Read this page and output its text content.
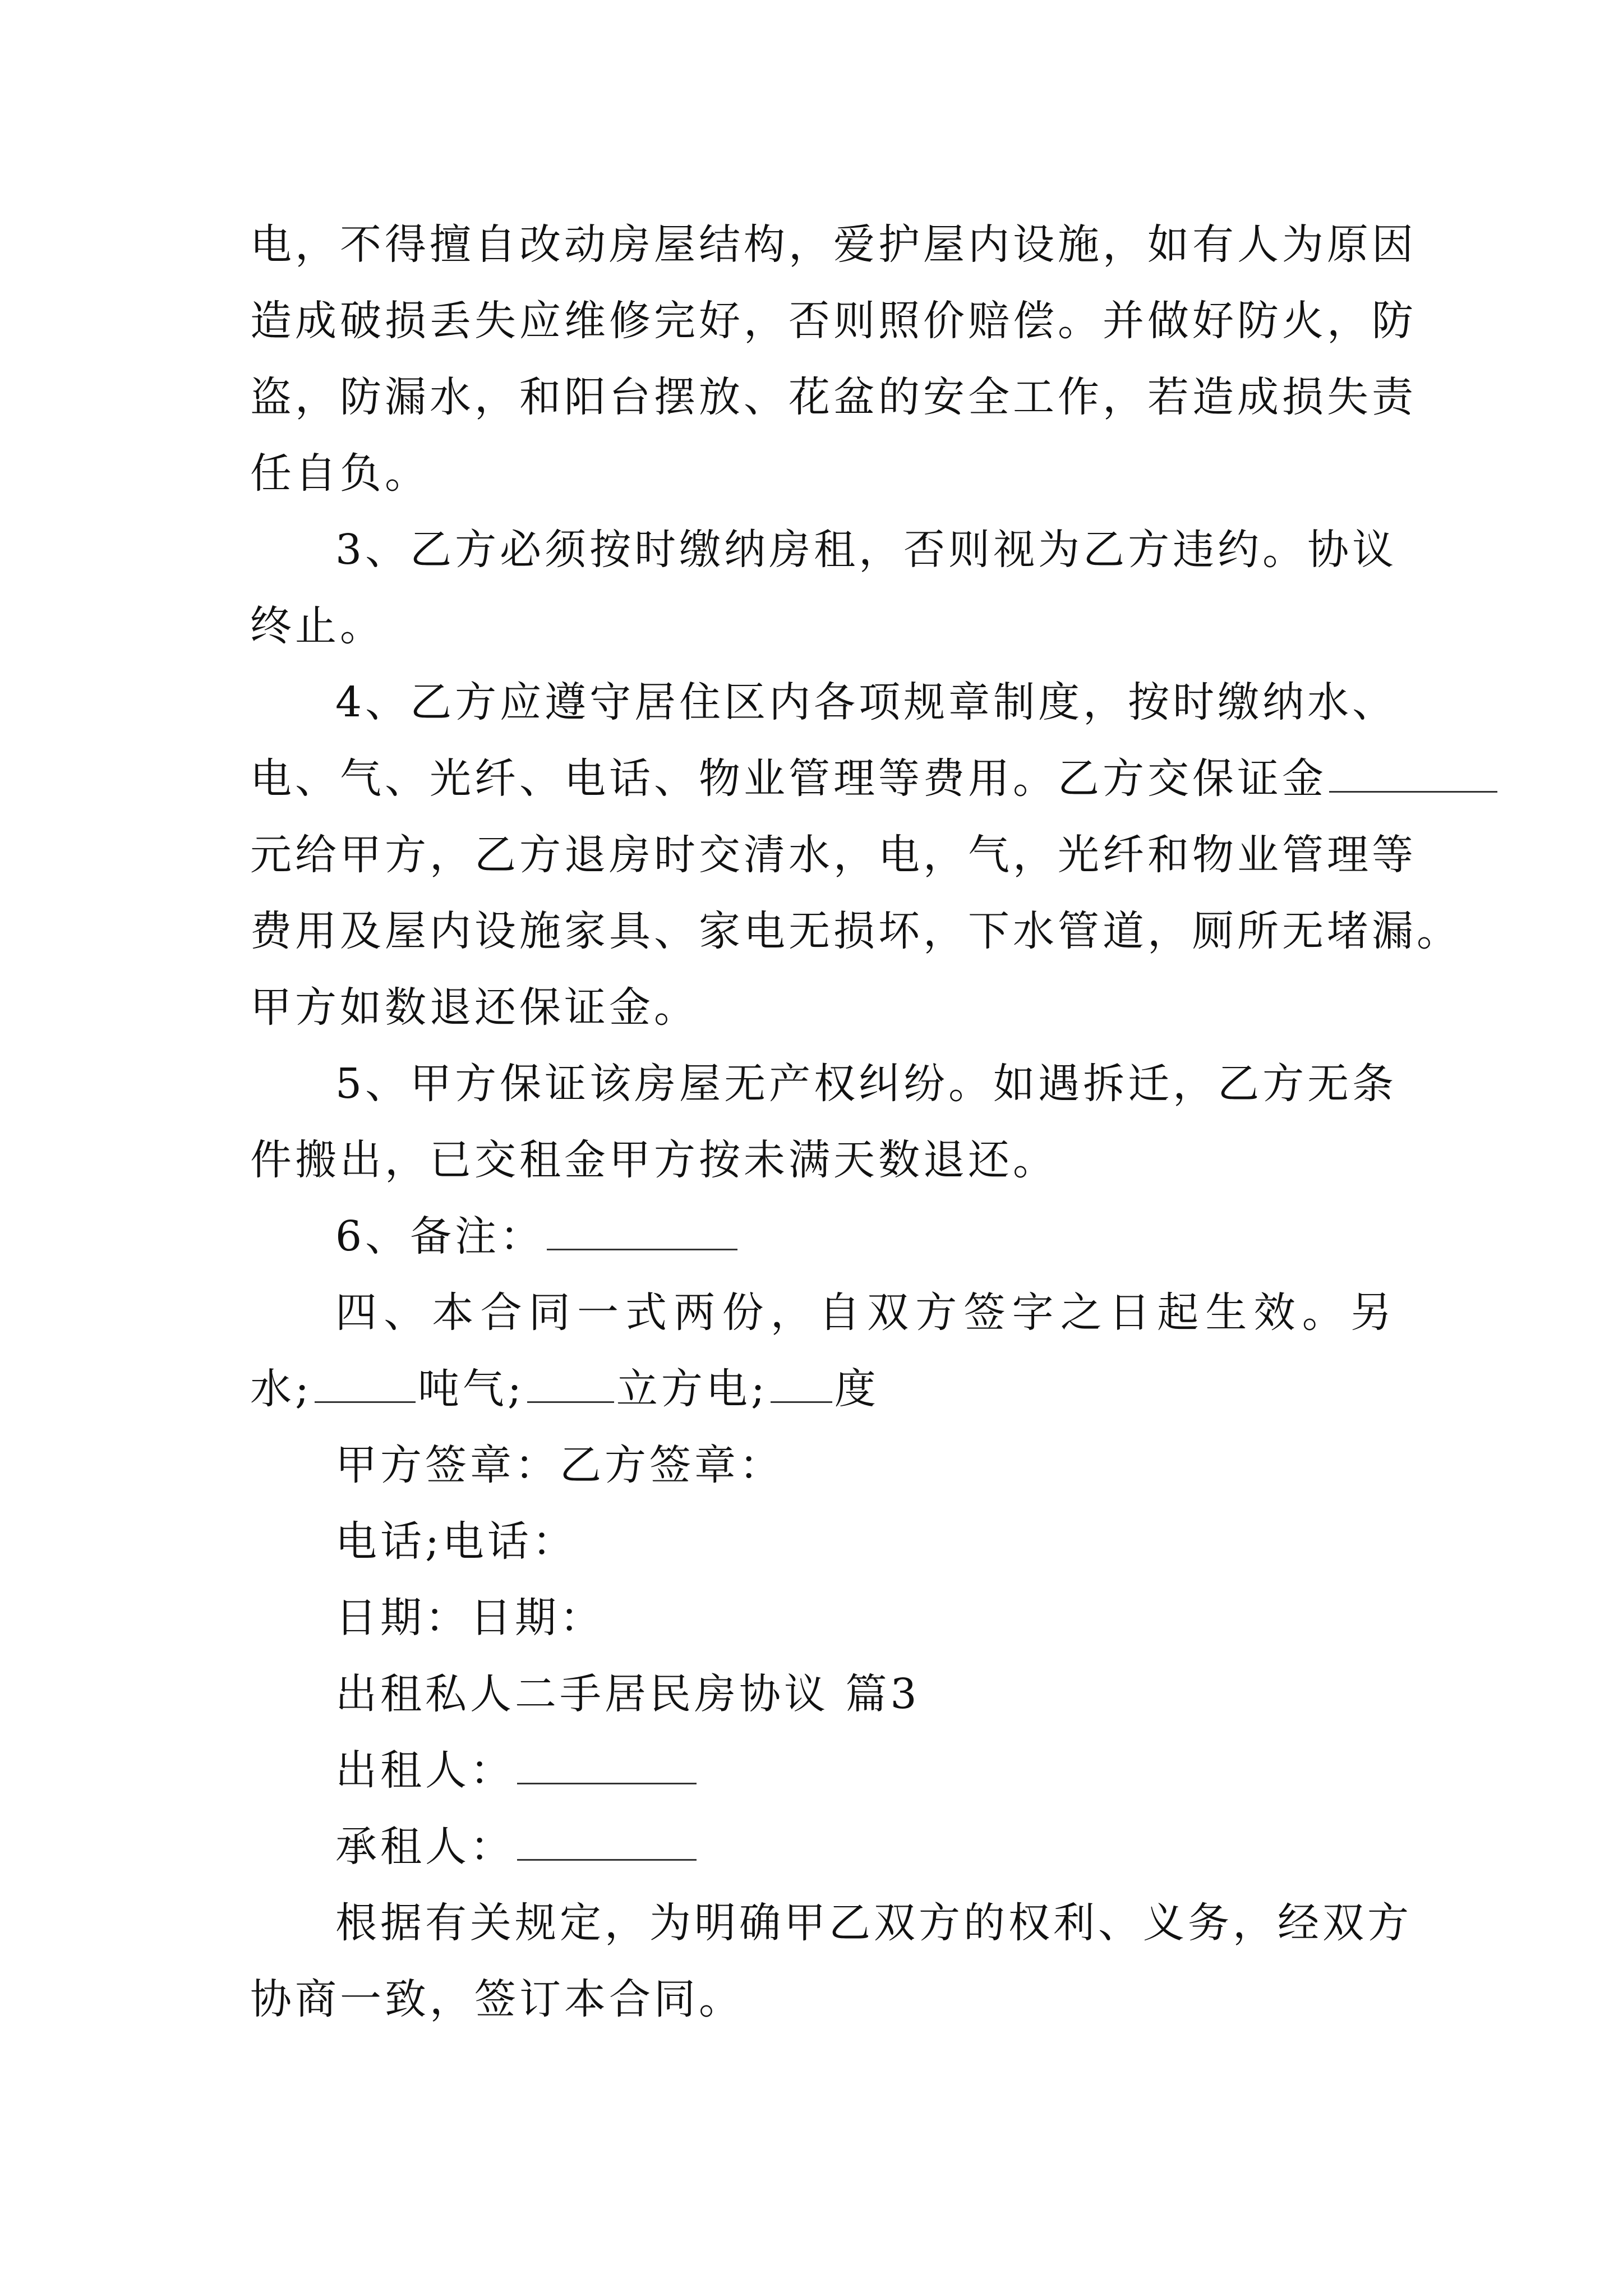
电，不得擅自改动房屋结构，爱护屋内设施，如有人为原因
造成破损丢失应维修完好，否则照价赔偿。并做好防火，防
盗，防漏水，和阳台摆放、花盆的安全工作，若造成损失责
任自负。
3、乙方必须按时缴纳房租，否则视为乙方违约。协议
终止。
4、乙方应遵守居住区内各项规章制度，按时缴纳水、
电、气、光纤、电话、物业管理等费用。乙方交保证金
元给甲方，乙方退房时交清水，电，气，光纤和物业管理等
费用及屋内设施家具、家电无损坏，下水管道，厕所无堵漏。
甲方如数退还保证金。
5、甲方保证该房屋无产权纠纷。如遇拆迁，乙方无条
件搬出，已交租金甲方按未满天数退还。
6、备注：
四、本合同一式两份，自双方签字之日起生效。另
水;	吨气; 立方电; 度
甲方签章：乙方签章：
电话;电话：
日期：日期：
出租私人二手居民房协议 篇3
出租人：
承租人：
根据有关规定，为明确甲乙双方的权利、义务，经双方
协商一致，签订本合同。
